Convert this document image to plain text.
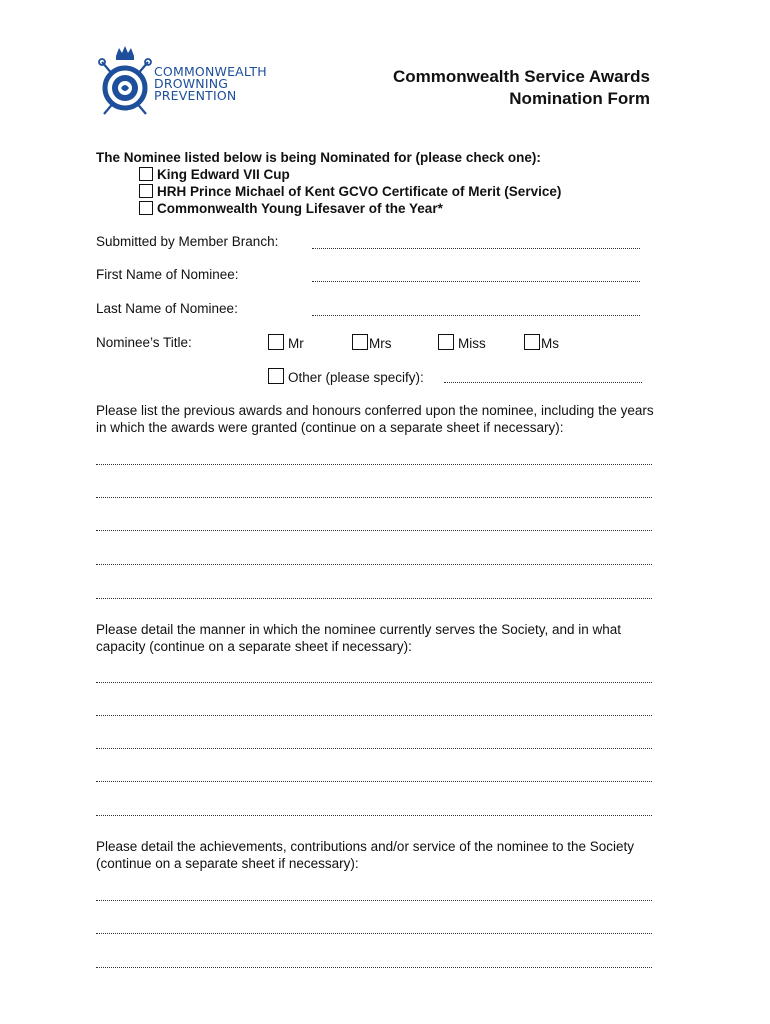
COMMONWEALTH
DROWNING
PREVENTION
Commonwealth Service Awards
Nomination Form
The Nominee listed below is being Nominated for (please check one):
King Edward VII Cup
HRH Prince Michael of Kent GCVO Certificate of Merit (Service)
Commonwealth Young Lifesaver of the Year*
Submitted by Member Branch:
First Name of Nominee:
Last Name of Nominee:
Nominee’s Title:	Mr	Mrs	Miss	Ms
Other (please specify):
Please list the previous awards and honours conferred upon the nominee, including the years in which the awards were granted (continue on a separate sheet if necessary):
Please detail the manner in which the nominee currently serves the Society, and in what capacity (continue on a separate sheet if necessary):
Please detail the achievements, contributions and/or service of the nominee to the Society (continue on a separate sheet if necessary):
